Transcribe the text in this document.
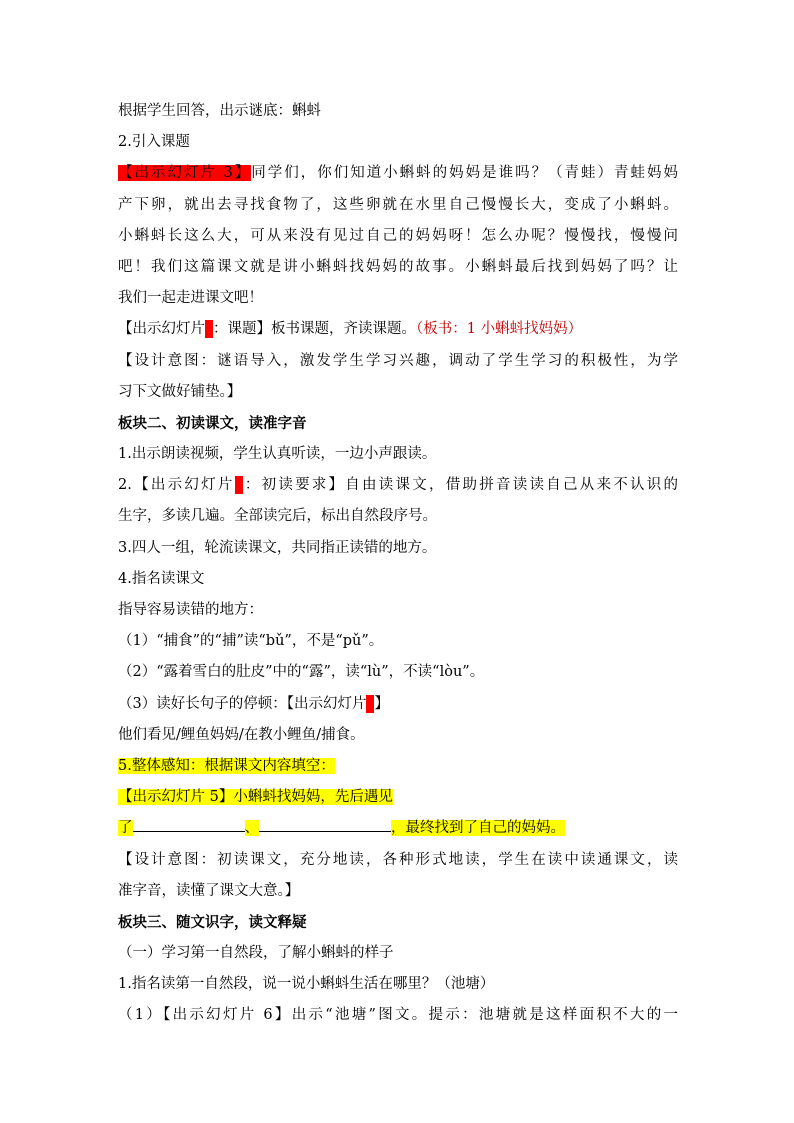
根据学生回答，出示谜底：蝌蚪
2.引入课题
【出示幻灯片 3】同学们，你们知道小蝌蚪的妈妈是谁吗？（青蛙）青蛙妈妈
产下卵，就出去寻找食物了，这些卵就在水里自己慢慢长大，变成了小蝌蚪。
小蝌蚪长这么大，可从来没有见过自己的妈妈呀！怎么办呢？慢慢找，慢慢问
吧！我们这篇课文就是讲小蝌蚪找妈妈的故事。小蝌蚪最后找到妈妈了吗？让
我们一起走进课文吧！
【出示幻灯片 ：课题】板书课题，齐读课题。（板书：1 小蝌蚪找妈妈）
【设计意图：谜语导入，激发学生学习兴趣，调动了学生学习的积极性，为学
习下文做好铺垫。】
板块二、初读课文，读准字音
1.出示朗读视频，学生认真听读，一边小声跟读。
2.【出示幻灯片 ：初读要求】自由读课文，借助拼音读读自己从来不认识的
生字，多读几遍。全部读完后，标出自然段序号。
3.四人一组，轮流读课文，共同指正读错的地方。
4.指名读课文
指导容易读错的地方：
（1）“捕食”的“捕”读“bǔ”，不是“pǔ”。
（2）“露着雪白的肚皮”中的“露”，读“lù”，不读“lòu”。
（3）读好长句子的停顿：【出示幻灯片 】
他们看见/鲤鱼妈妈/在教小鲤鱼/捕食。
5.整体感知：根据课文内容填空：
【出示幻灯片 5】小蝌蚪找妈妈，先后遇见
了	、	，最终找到了自己的妈妈。
【设计意图：初读课文，充分地读，各种形式地读，学生在读中读通课文，读
准字音，读懂了课文大意。】
板块三、随文识字，读文释疑
（一）学习第一自然段，了解小蝌蚪的样子
1.指名读第一自然段，说一说小蝌蚪生活在哪里？（池塘）
（1）【出示幻灯片 6】出示“池塘”图文。提示：池塘就是这样面积不大的一
